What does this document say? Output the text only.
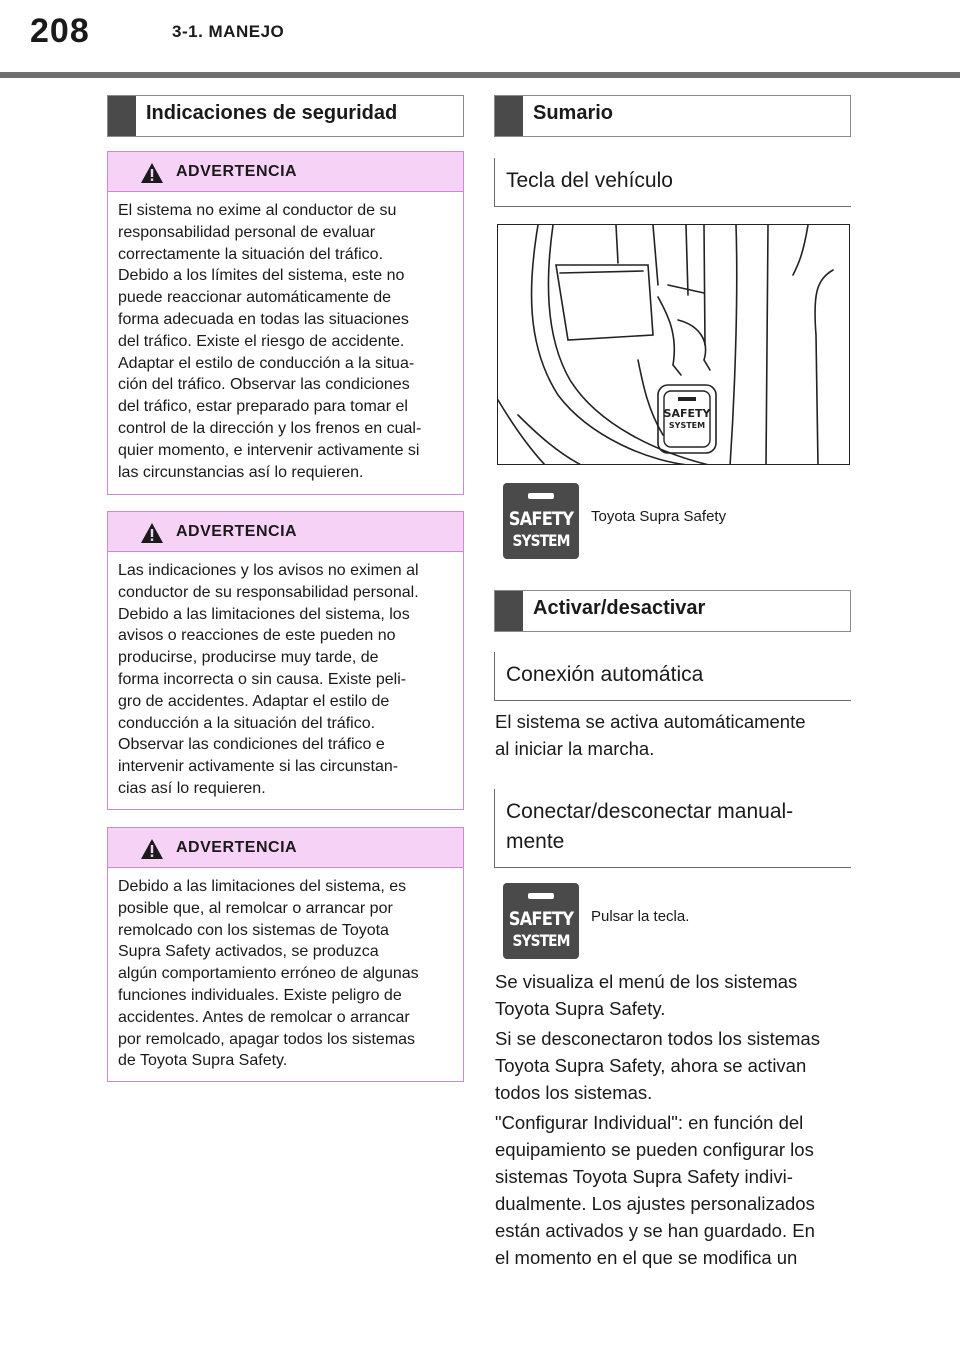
208	3-1. MANEJO
Indicaciones de seguridad
ADVERTENCIA
El sistema no exime al conductor de su
responsabilidad personal de evaluar
correctamente la situación del tráfico.
Debido a los límites del sistema, este no
puede reaccionar automáticamente de
forma adecuada en todas las situaciones
del tráfico. Existe el riesgo de accidente.
Adaptar el estilo de conducción a la situa-
ción del tráfico. Observar las condiciones
del tráfico, estar preparado para tomar el
control de la dirección y los frenos en cual-
quier momento, e intervenir activamente si
las circunstancias así lo requieren.
ADVERTENCIA
Las indicaciones y los avisos no eximen al
conductor de su responsabilidad personal.
Debido a las limitaciones del sistema, los
avisos o reacciones de este pueden no
producirse, producirse muy tarde, de
forma incorrecta o sin causa. Existe peli-
gro de accidentes. Adaptar el estilo de
conducción a la situación del tráfico.
Observar las condiciones del tráfico e
intervenir activamente si las circunstan-
cias así lo requieren.
ADVERTENCIA
Debido a las limitaciones del sistema, es
posible que, al remolcar o arrancar por
remolcado con los sistemas de Toyota
Supra Safety activados, se produzca
algún comportamiento erróneo de algunas
funciones individuales. Existe peligro de
accidentes. Antes de remolcar o arrancar
por remolcado, apagar todos los sistemas
de Toyota Supra Safety.
Sumario
Tecla del vehículo
SAFETY
SYSTEM
SAFETY
SYSTEM
Toyota Supra Safety
Activar/desactivar
Conexión automática
El sistema se activa automáticamente
al iniciar la marcha.
Conectar/desconectar manual-
mente
SAFETY
SYSTEM
Pulsar la tecla.
Se visualiza el menú de los sistemas
Toyota Supra Safety.
Si se desconectaron todos los sistemas
Toyota Supra Safety, ahora se activan
todos los sistemas.
"Configurar Individual": en función del
equipamiento se pueden configurar los
sistemas Toyota Supra Safety indivi-
dualmente. Los ajustes personalizados
están activados y se han guardado. En
el momento en el que se modifica un
